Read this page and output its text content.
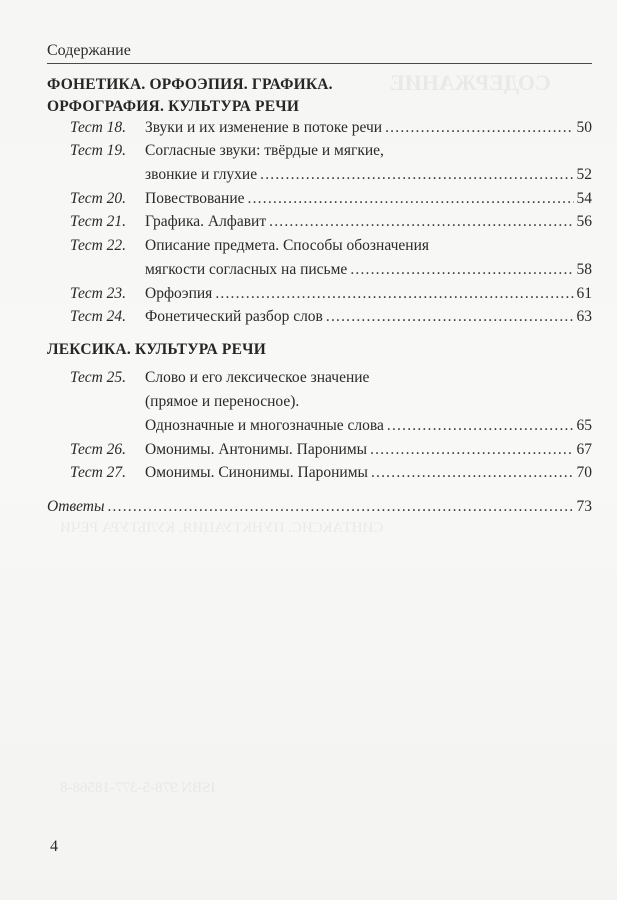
СОДЕРЖАНИЕ
СИНТАКСИС. ПУНКТУАЦИЯ. КУЛЬТУРА РЕЧИ
ISBN 978-5-377-18568-8
Содержание
ФОНЕТИКА. ОРФОЭПИЯ. ГРАФИКА.
ОРФОГРАФИЯ. КУЛЬТУРА РЕЧИ
Тест 18. Звуки и их изменение в потоке речи .....	50
Тест 19. Согласные звуки: твёрдые и мягкие,
звонкие и глухие .....	52
Тест 20. Повествование .....	54
Тест 21. Графика. Алфавит .....	56
Тест 22. Описание предмета. Способы обозначения
мягкости согласных на письме .....	58
Тест 23. Орфоэпия .....	61
Тест 24. Фонетический разбор слов .....	63
ЛЕКСИКА. КУЛЬТУРА РЕЧИ
Тест 25. Слово и его лексическое значение
(прямое и переносное).
Однозначные и многозначные слова .....	65
Тест 26. Омонимы. Антонимы. Паронимы .....	67
Тест 27. Омонимы. Синонимы. Паронимы .....	70
Ответы .....	73
4
